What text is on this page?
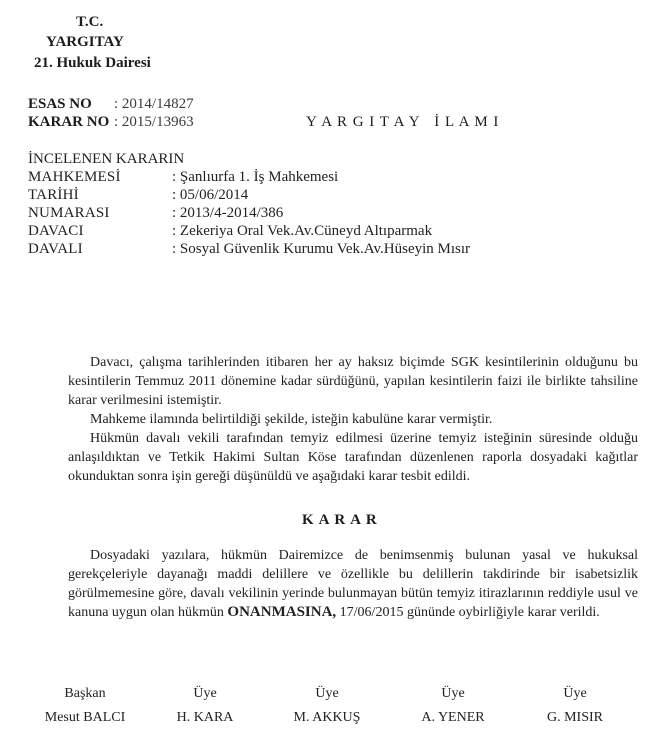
T.C.
YARGITAY
21. Hukuk Dairesi
ESAS NO : 2014/14827
KARAR NO : 2015/13963	Y A R G I T A Y   İ L A M I
İNCELENEN KARARIN
MAHKEMESİ	: Şanlıurfa 1. İş Mahkemesi
TARİHİ	: 05/06/2014
NUMARASI	: 2013/4-2014/386
DAVACI	: Zekeriya Oral Vek.Av.Cüneyd Altıparmak
DAVALI	: Sosyal Güvenlik Kurumu Vek.Av.Hüseyin Mısır

Davacı, çalışma tarihlerinden itibaren her ay haksız biçimde SGK kesintilerinin olduğunu bu kesintilerin Temmuz 2011 dönemine kadar sürdüğünü, yapılan kesintilerin faizi ile birlikte tahsiline karar verilmesini istemiştir.

Mahkeme ilamında belirtildiği şekilde, isteğin kabulüne karar vermiştir.

Hükmün davalı vekili tarafından temyiz edilmesi üzerine temyiz isteğinin süresinde olduğu anlaşıldıktan ve Tetkik Hakimi Sultan Köse tarafından düzenlenen raporla dosyadaki kağıtlar okunduktan sonra işin gereği düşünüldü ve aşağıdaki karar tesbit edildi.

K A R A R

Dosyadaki yazılara, hükmün Dairemizce de benimsenmiş bulunan yasal ve hukuksal gerekçeleriyle dayanağı maddi delillere ve özellikle bu delillerin takdirinde bir isabetsizlik görülmemesine göre, davalı vekilinin yerinde bulunmayan bütün temyiz itirazlarının reddiyle usul ve kanuna uygun olan hükmün ONANMASINA, 17/06/2015 gününde oybirliğiyle karar verildi.

Başkan
Mesut BALCI
Üye
H. KARA
Üye
M. AKKUŞ
Üye
A. YENER
Üye
G. MISIR
